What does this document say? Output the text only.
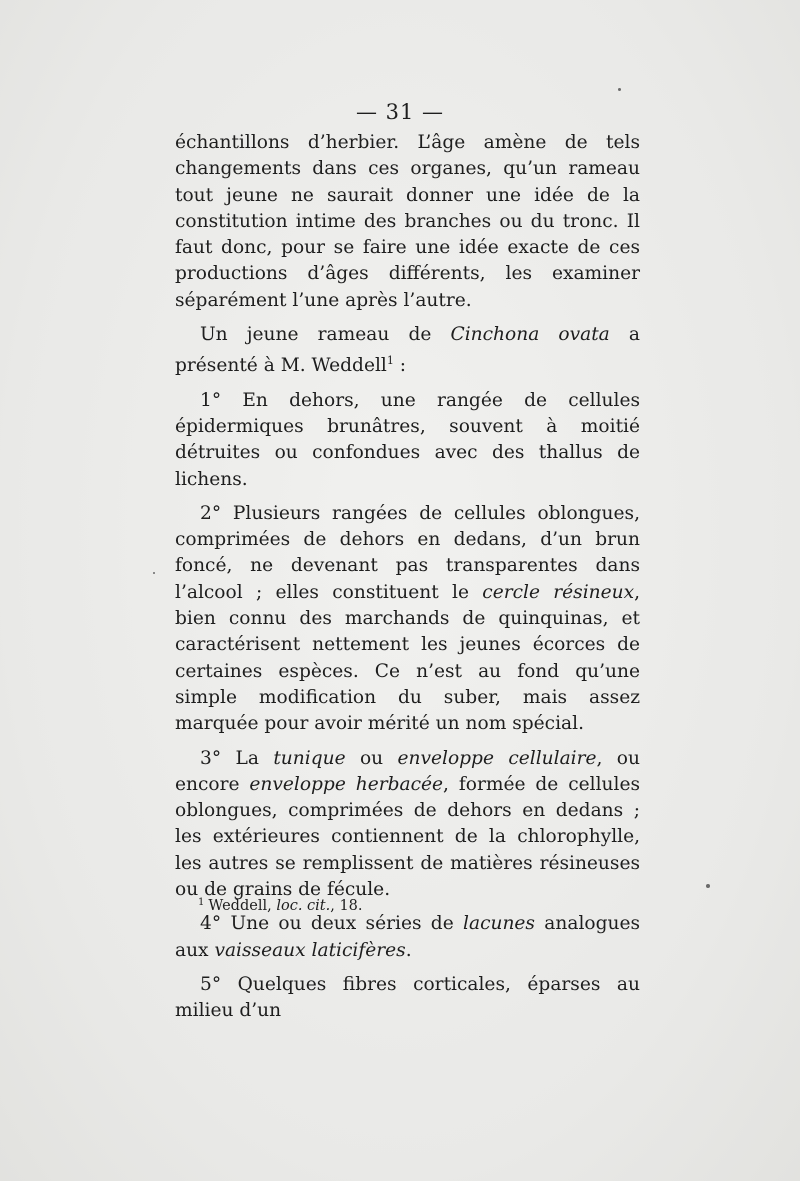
— 31 —

échantillons d’herbier. L’âge amène de tels changements dans ces organes, qu’un rameau tout jeune ne saurait donner une idée de la constitution intime des branches ou du tronc. Il faut donc, pour se faire une idée exacte de ces productions d’âges différents, les examiner séparément l’une après l’autre.

Un jeune rameau de Cinchona ovata a présenté à M. Weddell$^1$ :

1° En dehors, une rangée de cellules épidermiques brunâtres, souvent à moitié détruites ou confondues avec des thallus de lichens.

2° Plusieurs rangées de cellules oblongues, comprimées de dehors en dedans, d’un brun foncé, ne devenant pas transparentes dans l’alcool ; elles constituent le cercle résineux, bien connu des marchands de quinquinas, et caractérisent nettement les jeunes écorces de certaines espèces. Ce n’est au fond qu’une simple modification du suber, mais assez marquée pour avoir mérité un nom spécial.

3° La tunique ou enveloppe cellulaire, ou encore enveloppe herbacée, formée de cellules oblongues, comprimées de dehors en dedans ; les extérieures contiennent de la chlorophylle, les autres se remplissent de matières résineuses ou de grains de fécule.

4° Une ou deux séries de lacunes analogues aux vaisseaux laticifères.

5° Quelques fibres corticales, éparses au milieu d’un

$^1$ Weddell, loc. cit., 18.
